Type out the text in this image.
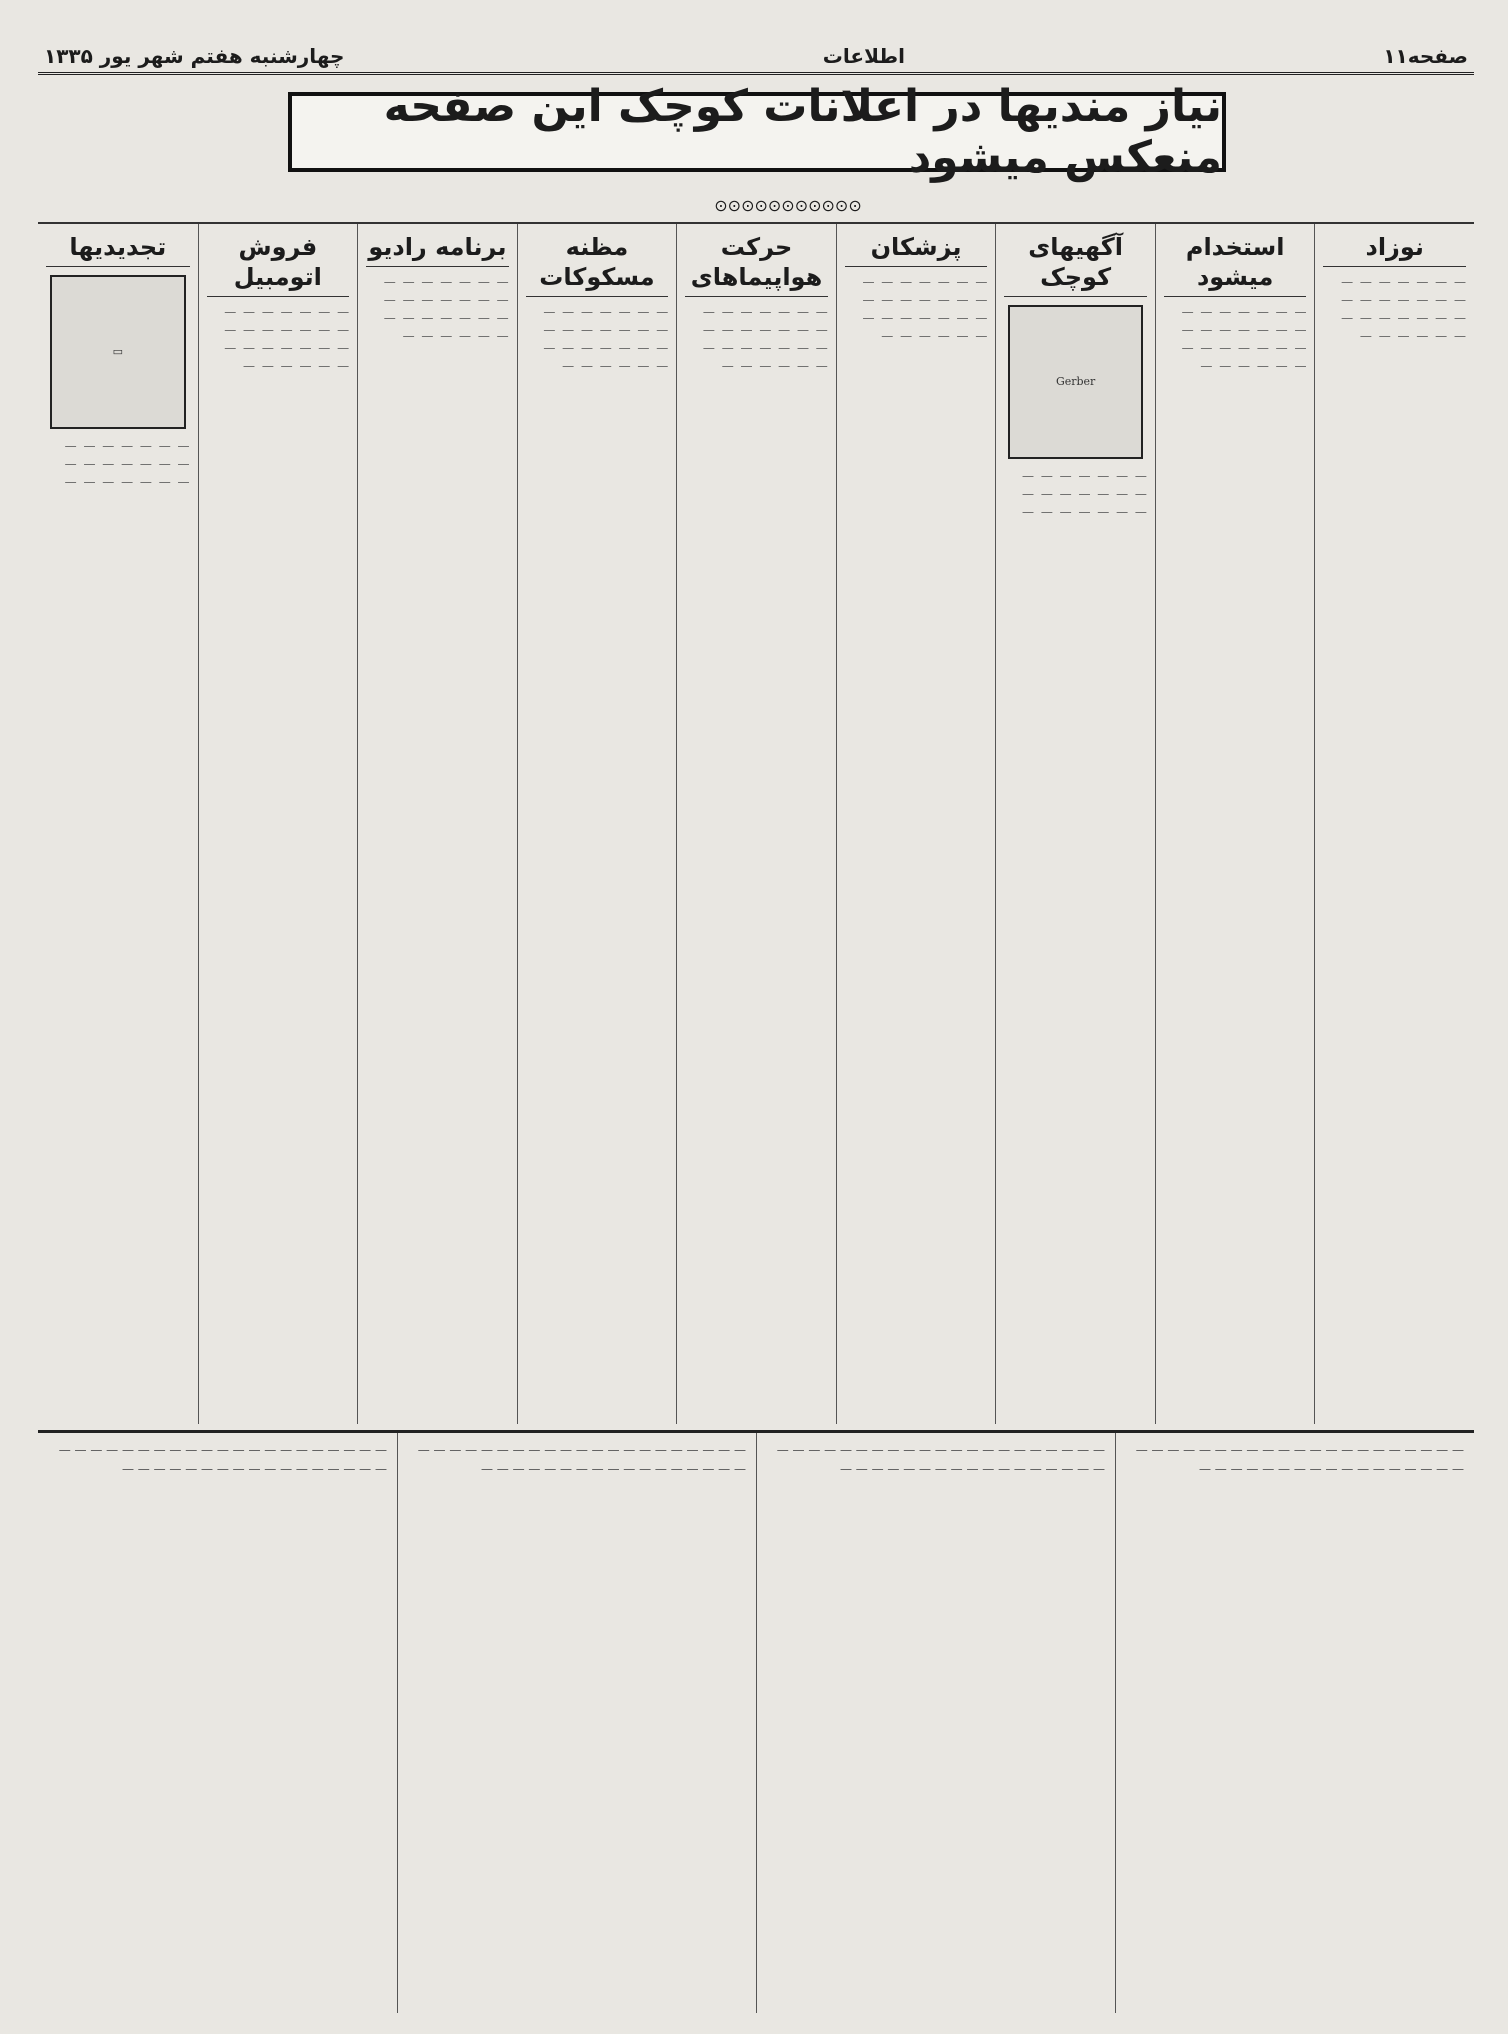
صفحه۱۱
اطلاعات
چهارشنبه هفتم شهر یور ۱۳۳۵
نیاز مندیها در اعلانات کوچک این صفحه منعکس میشود
⊙⊙⊙⊙⊙⊙⊙⊙⊙⊙⊙
نوزاد
— — — — — — — — — — — — — — — — — — — — — — — — — — —
استخدام میشود
— — — — — — — — — — — — — — — — — — — — — — — — — — —
آگهیهای کوچک
Gerber
— — — — — — — — — — — — — — — — — — — — —
پزشکان
— — — — — — — — — — — — — — — — — — — — — — — — — — —
حرکت هواپیماهای
— — — — — — — — — — — — — — — — — — — — — — — — — — —
مظنه مسکوکات
— — — — — — — — — — — — — — — — — — — — — — — — — — —
برنامه رادیو
— — — — — — — — — — — — — — — — — — — — — — — — — — —
فروش اتومبیل
— — — — — — — — — — — — — — — — — — — — — — — — — — —
تجدیدیها
▭
— — — — — — — — — — — — — — — — — — — — —
— — — — — — — — — — — — — — — — — — — — — — — — — — — — — — — — — — — — — —
— — — — — — — — — — — — — — — — — — — — — — — — — — — — — — — — — — — — — —
— — — — — — — — — — — — — — — — — — — — — — — — — — — — — — — — — — — — — —
— — — — — — — — — — — — — — — — — — — — — — — — — — — — — — — — — — — — — —
